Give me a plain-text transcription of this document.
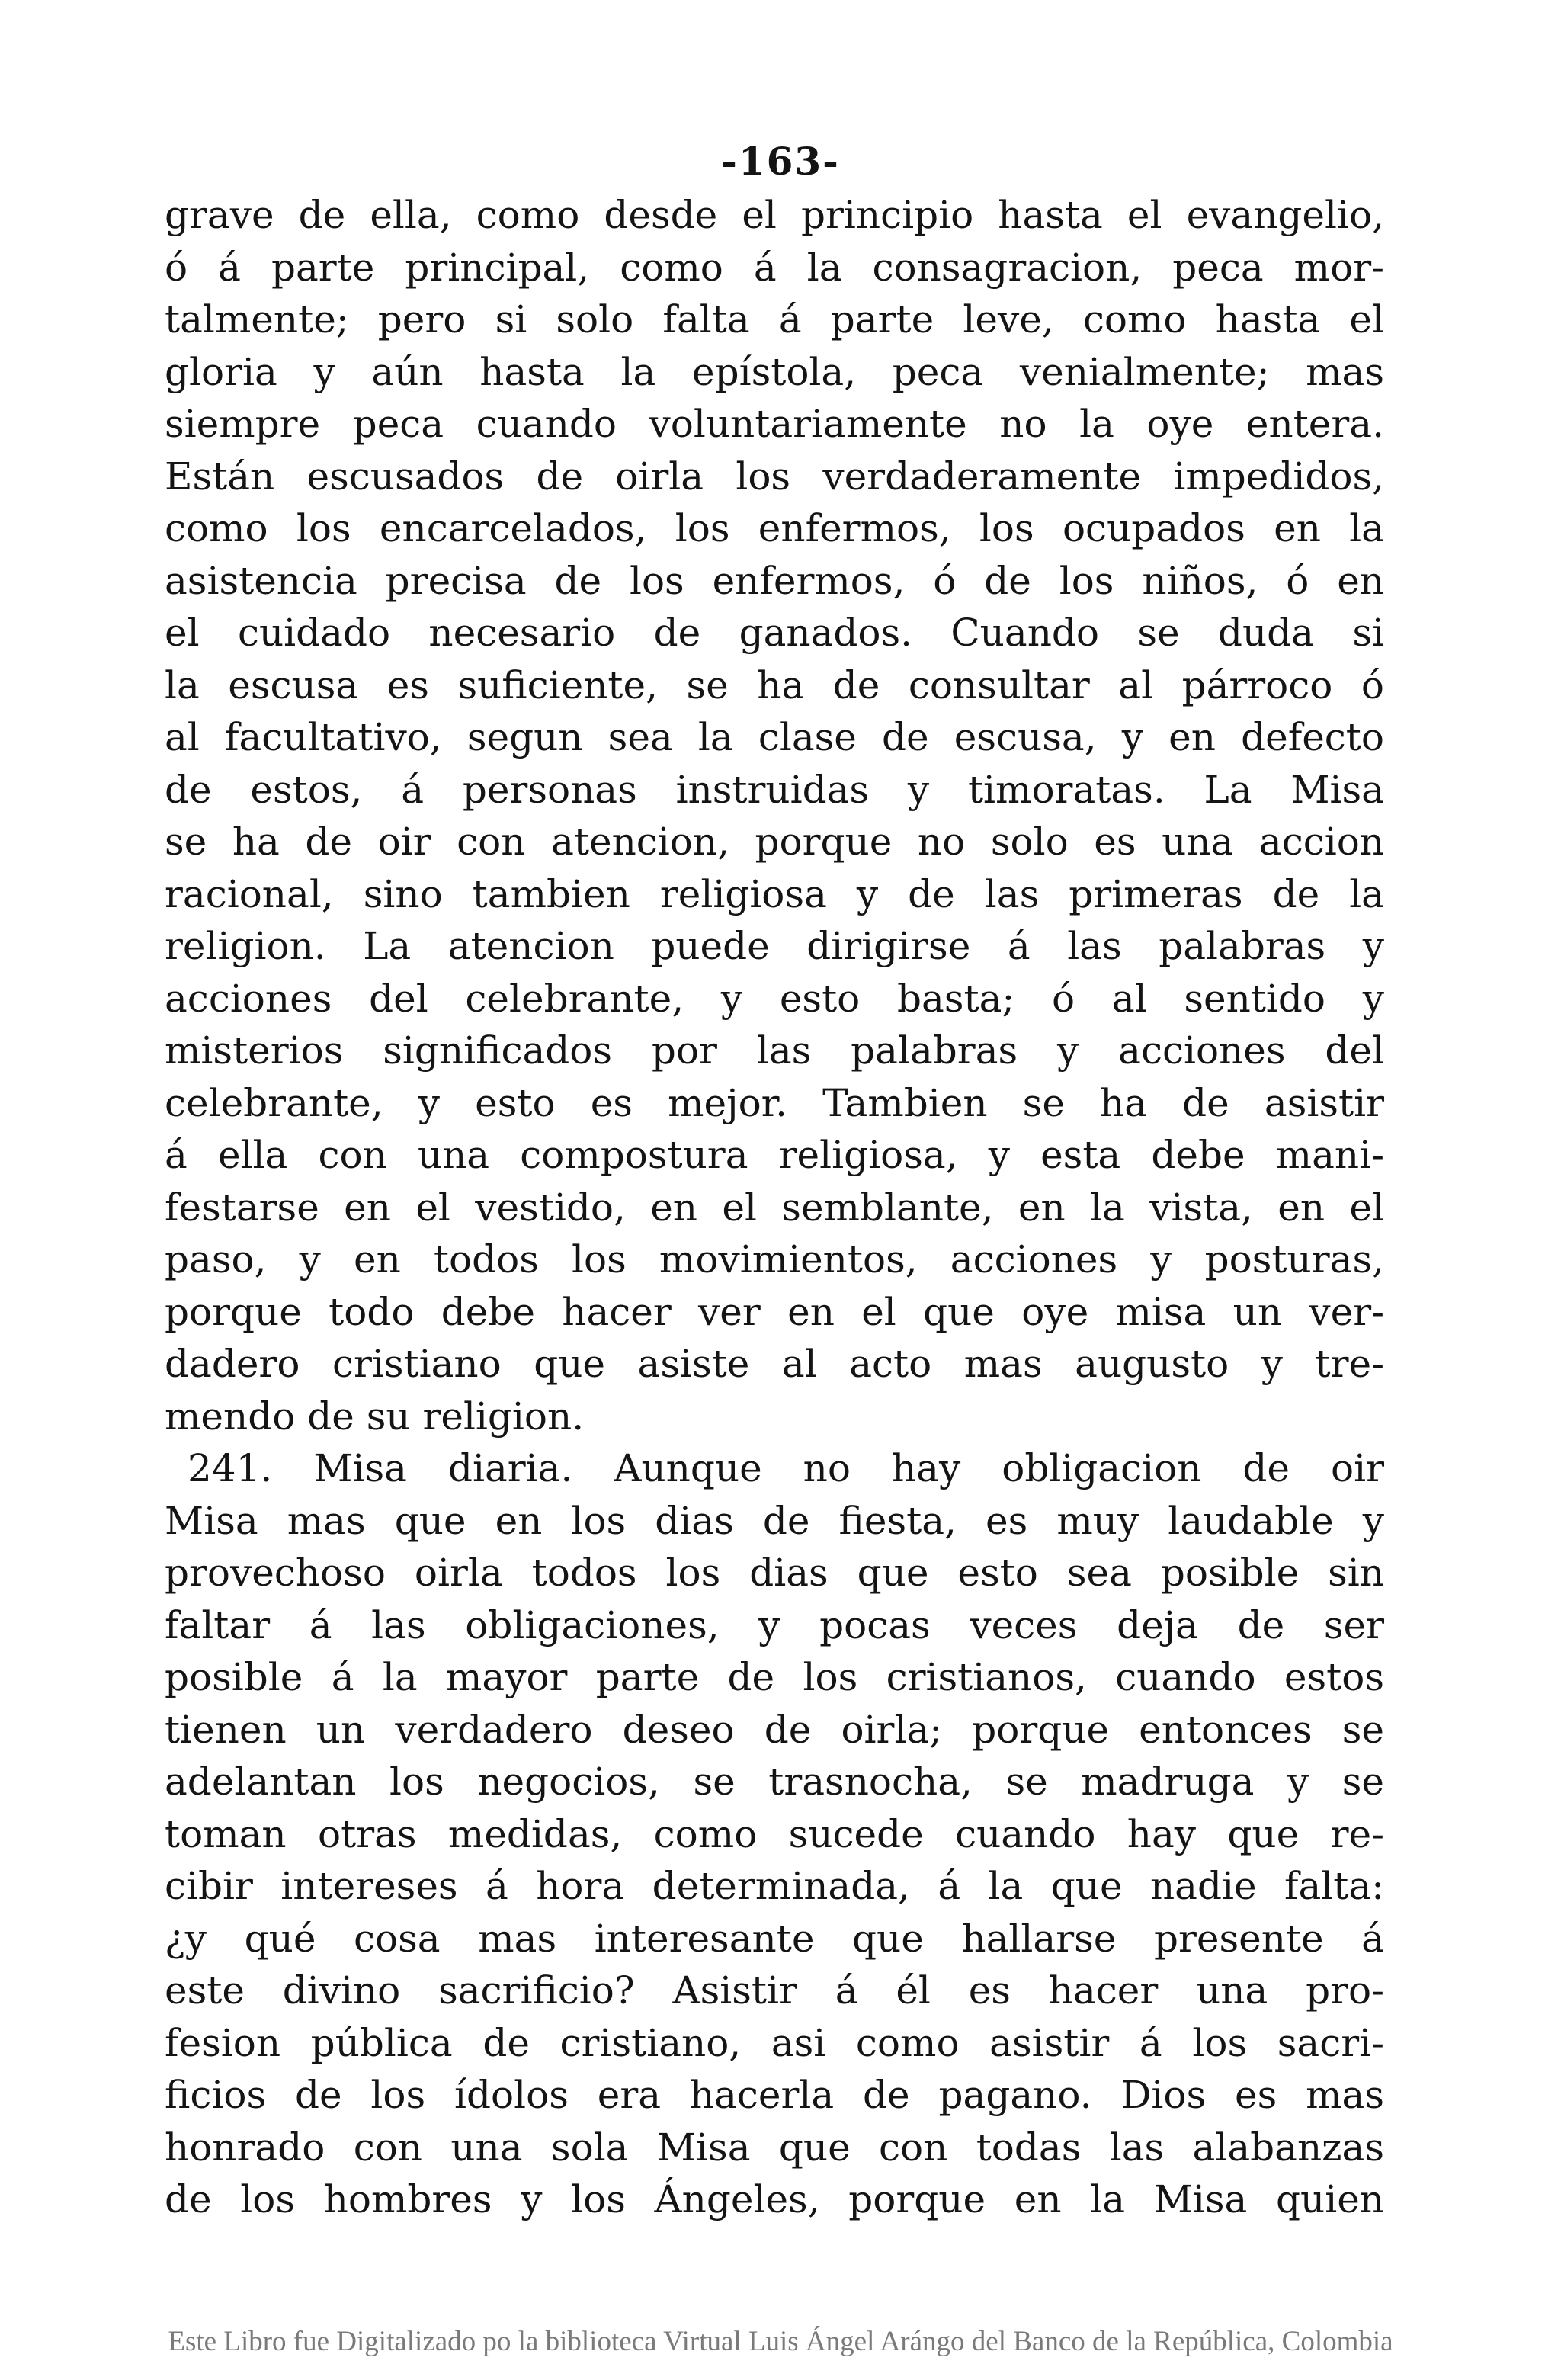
-163-
grave de ella, como desde el principio hasta el evangelio,
ó á parte principal, como á la consagracion, peca mor-
talmente; pero si solo falta á parte leve, como hasta el
gloria y aún hasta la epístola, peca venialmente; mas
siempre peca cuando voluntariamente no la oye entera.
Están escusados de oirla los verdaderamente impedidos,
como los encarcelados, los enfermos, los ocupados en la
asistencia precisa de los enfermos, ó de los niños, ó en
el cuidado necesario de ganados. Cuando se duda si
la escusa es suficiente, se ha de consultar al párroco ó
al facultativo, segun sea la clase de escusa, y en defecto
de estos, á personas instruidas y timoratas. La Misa
se ha de oir con atencion, porque no solo es una accion
racional, sino tambien religiosa y de las primeras de la
religion. La atencion puede dirigirse á las palabras y
acciones del celebrante, y esto basta; ó al sentido y
misterios significados por las palabras y acciones del
celebrante, y esto es mejor. Tambien se ha de asistir
á ella con una compostura religiosa, y esta debe mani-
festarse en el vestido, en el semblante, en la vista, en el
paso, y en todos los movimientos, acciones y posturas,
porque todo debe hacer ver en el que oye misa un ver-
dadero cristiano que asiste al acto mas augusto y tre-
mendo de su religion.
241. Misa diaria. Aunque no hay obligacion de oir
Misa mas que en los dias de fiesta, es muy laudable y
provechoso oirla todos los dias que esto sea posible sin
faltar á las obligaciones, y pocas veces deja de ser
posible á la mayor parte de los cristianos, cuando estos
tienen un verdadero deseo de oirla; porque entonces se
adelantan los negocios, se trasnocha, se madruga y se
toman otras medidas, como sucede cuando hay que re-
cibir intereses á hora determinada, á la que nadie falta:
¿y qué cosa mas interesante que hallarse presente á
este divino sacrificio? Asistir á él es hacer una pro-
fesion pública de cristiano, asi como asistir á los sacri-
ficios de los ídolos era hacerla de pagano. Dios es mas
honrado con una sola Misa que con todas las alabanzas
de los hombres y los Ángeles, porque en la Misa quien
Este Libro fue Digitalizado po la biblioteca Virtual Luis Ángel Arángo del Banco de la República, Colombia
